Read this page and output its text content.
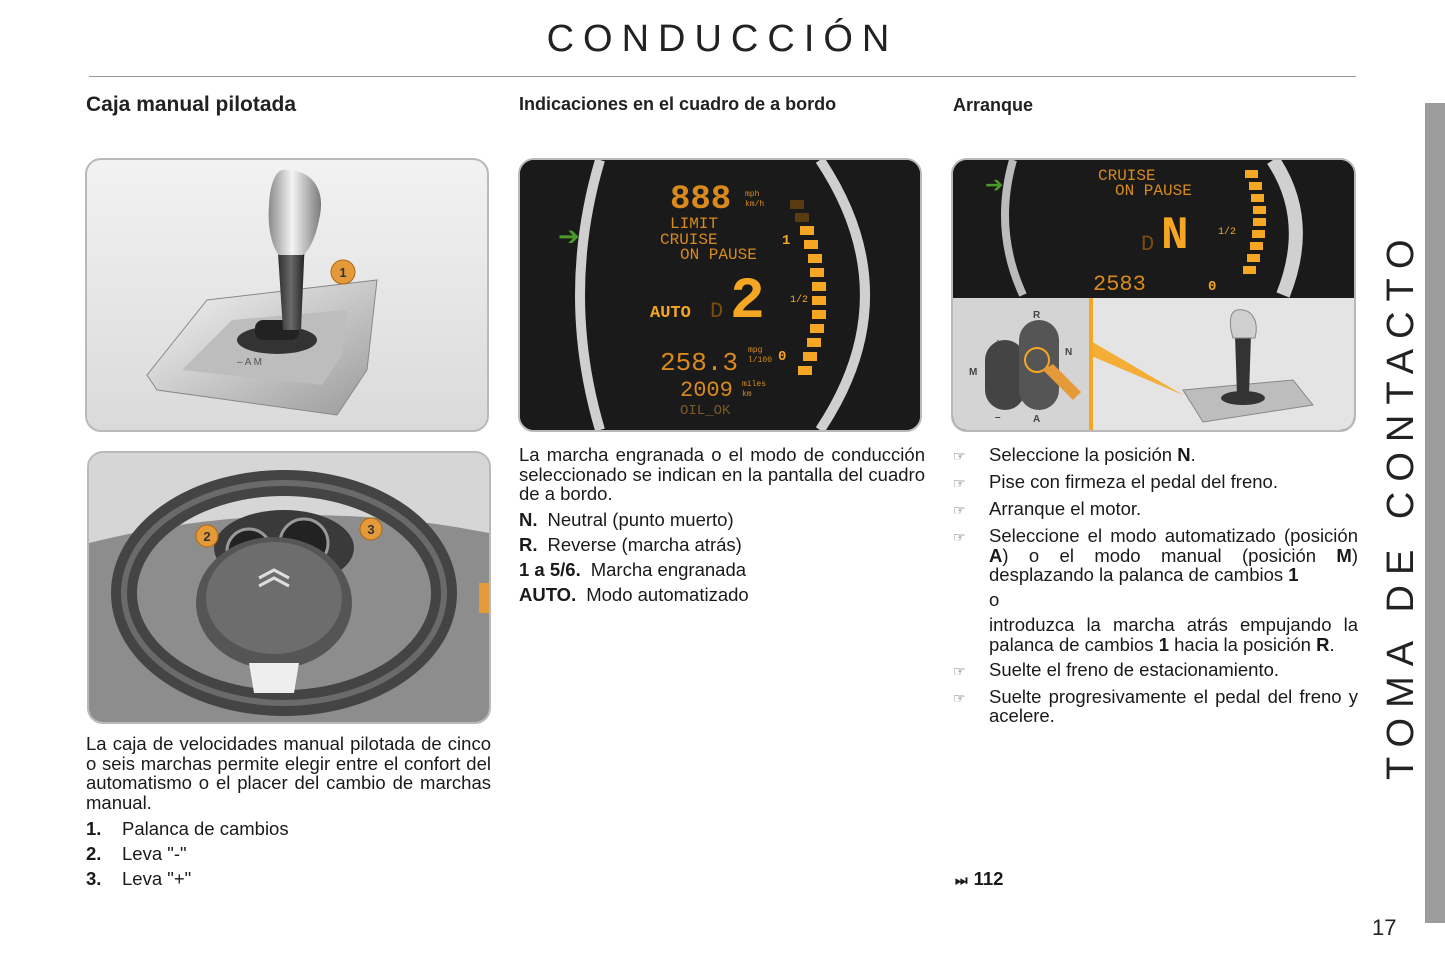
CONDUCCIÓN
Caja manual pilotada	Indicaciones en el cuadro de a bordo	Arranque
– A M
1
2	3
➔
888 mph
km/h
LIMIT
CRUISE
ON PAUSE
AUTO D 2	1/2
258.3 mpg
l/100
2009 miles
km
OIL_OK
1
0
➔	CRUISE
ON PAUSE
D N	1/2
2583	0
R
A
M
N
+
–
La caja de velocidades manual pilotada de cinco o seis marchas permite elegir entre el confort del automatismo o el placer del cambio de marchas manual.
1.	Palanca de cambios
2.	Leva "-"
3.	Leva "+"
La marcha engranada o el modo de conducción seleccionado se indican en la pantalla del cuadro de a bordo.
N. Neutral (punto muerto)
R. Reverse (marcha atrás)
1 a 5/6. Marcha engranada
AUTO. Modo automatizado
☞	Seleccione la posición N.
☞	Pise con firmeza el pedal del freno.
☞	Arranque el motor.
☞	Seleccione el modo automatizado (posición A) o el modo manual (posición M) desplazando la palanca de cambios 1
o
introduzca la marcha atrás empujando la palanca de cambios 1 hacia la posición R.
☞	Suelte el freno de estacionamiento.
☞	Suelte progresivamente el pedal del freno y acelere.
⏭ 112
TOMA DE CONTACTO
17
